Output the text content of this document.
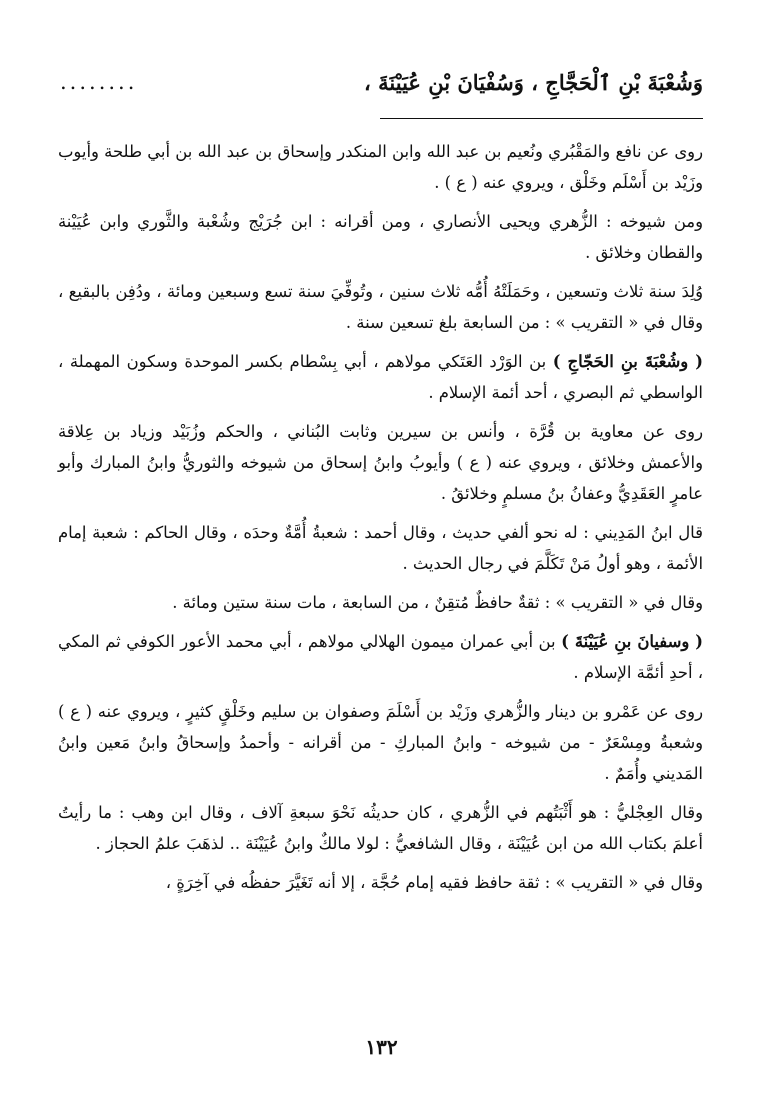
وَشُعْبَةَ بْنِ ٱلْحَجَّاجِ ، وَسُفْيَانَ بْنِ عُيَيْنَةَ ،
........

روى عن نافع والمَقْبُري ونُعيم بن عبد الله وابن المنكدر وإسحاق بن عبد الله بن أبي طلحة وأيوب وزَيْد بن أَسْلَم وخَلْق ، ويروي عنه ( ع ) .

ومن شيوخه : الزُّهري ويحيى الأنصاري ، ومن أقرانه : ابن جُرَيْج وشُعْبة والثَّوري وابن عُيَيْنة والقطان وخلائق .

وُلِدَ سنة ثلاث وتسعين ، وحَمَلَتْهُ أُمُّه ثلاث سنين ، وتُوفِّيَ سنة تسع وسبعين ومائة ، ودُفِن بالبقيع ، وقال في « التقريب » : من السابعة بلغ تسعين سنة .

( وشُعْبَةَ بنِ الحَجّاجِ ) بن الوَرْد العَتَكي مولاهم ، أبي بِسْطام بكسر الموحدة وسكون المهملة ، الواسطي ثم البصري ، أحد أئمة الإسلام .

روى عن معاوية بن قُرَّة ، وأنس بن سيرين وثابت البُناني ، والحكم وزُبَيْد وزياد بن عِلاقة والأعمش وخلائق ، ويروي عنه ( ع ) وأيوبُ وابنُ إسحاق من شيوخه والثوريُّ وابنُ المبارك وأبو عامرٍ العَقَدِيُّ وعفانُ بنُ مسلمٍ وخلائقُ .

قال ابنُ المَدِيني : له نحو ألفي حديث ، وقال أحمد : شعبةُ أُمَّةٌ وحدَه ، وقال الحاكم : شعبة إمام الأئمة ، وهو أولُ مَنْ تَكَلَّمَ في رجال الحديث .

وقال في « التقريب » : ثقةٌ حافظٌ مُتقِنٌ ، من السابعة ، مات سنة ستين ومائة .

( وسفيانَ بنِ عُيَيْنَةَ ) بن أبي عمران ميمون الهلالي مولاهم ، أبي محمد الأعور الكوفي ثم المكي ، أحدِ أئمَّة الإسلام .

روى عن عَمْرو بن دينار والزُّهري وزَيْد بن أَسْلَمَ وصفوان بن سليم وخَلْقٍ كثيرٍ ، ويروي عنه ( ع ) وشعبةُ ومِسْعَرٌ - من شيوخه - وابنُ المباركِ - من أقرانه - وأحمدُ وإسحاقُ وابنُ مَعين وابنُ المَديني وأُمَمٌ .

وقال العِجْليُّ : هو أَثْبَتُهم في الزُّهري ، كان حديثُه نَحْوَ سبعةِ آلاف ، وقال ابن وهب : ما رأيتُ أعلمَ بكتاب الله من ابن عُيَيْنَة ، وقال الشافعيُّ : لولا مالكٌ وابنُ عُيَيْنَة .. لذهَبَ علمُ الحجاز .

وقال في « التقريب » : ثقة حافظ فقيه إمام حُجَّة ، إلا أنه تَغَيَّرَ حفظُه في آخِرَةٍ ،

١٣٢
